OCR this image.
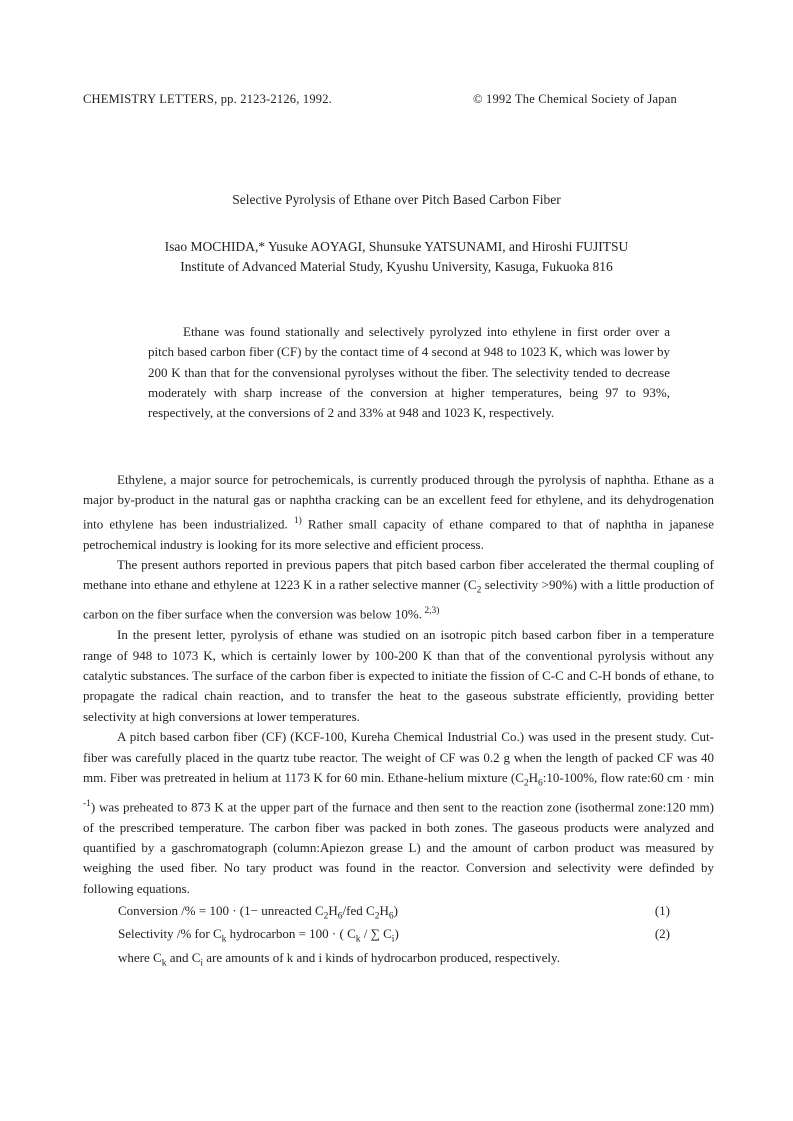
CHEMISTRY LETTERS, pp. 2123-2126, 1992.	© 1992 The Chemical Society of Japan
Selective Pyrolysis of Ethane over Pitch Based Carbon Fiber
Isao MOCHIDA,* Yusuke AOYAGI, Shunsuke YATSUNAMI, and Hiroshi FUJITSU
Institute of Advanced Material Study, Kyushu University, Kasuga, Fukuoka 816
Ethane was found stationally and selectively pyrolyzed into ethylene in first order over a pitch based carbon fiber (CF) by the contact time of 4 second at 948 to 1023 K, which was lower by 200 K than that for the convensional pyrolyses without the fiber. The selectivity tended to decrease moderately with sharp increase of the conversion at higher temperatures, being 97 to 93%, respectively, at the conversions of 2 and 33% at 948 and 1023 K, respectively.

Ethylene, a major source for petrochemicals, is currently produced through the pyrolysis of naphtha. Ethane as a major by-product in the natural gas or naphtha cracking can be an excellent feed for ethylene, and its dehydrogenation into ethylene has been industrialized. $^{1)}$ Rather small capacity of ethane compared to that of naphtha in japanese petrochemical industry is looking for its more selective and efficient process.

The present authors reported in previous papers that pitch based carbon fiber accelerated the thermal coupling of methane into ethane and ethylene at 1223 K in a rather selective manner ($C_2$ selectivity >90%) with a little production of carbon on the fiber surface when the conversion was below 10%. $^{2,3)}$

In the present letter, pyrolysis of ethane was studied on an isotropic pitch based carbon fiber in a temperature range of 948 to 1073 K, which is certainly lower by 100-200 K than that of the conventional pyrolysis without any catalytic substances. The surface of the carbon fiber is expected to initiate the fission of C-C and C-H bonds of ethane, to propagate the radical chain reaction, and to transfer the heat to the gaseous substrate efficiently, providing better selectivity at high conversions at lower temperatures.

A pitch based carbon fiber (CF) (KCF-100, Kureha Chemical Industrial Co.) was used in the present study. Cut-fiber was carefully placed in the quartz tube reactor. The weight of CF was 0.2 g when the length of packed CF was 40 mm. Fiber was pretreated in helium at 1173 K for 60 min. Ethane-helium mixture ($C_2H_6:10-100\%$, flow rate:60 cm · min $^{-1}$) was preheated to 873 K at the upper part of the furnace and then sent to the reaction zone (isothermal zone:120 mm) of the prescribed temperature. The carbon fiber was packed in both zones. The gaseous products were analyzed and quantified by a gaschromatograph (column:Apiezon grease L) and the amount of carbon product was measured by weighing the used fiber. No tary product was found in the reactor. Conversion and selectivity were definded by following equations.

Conversion /% = 100 · (1− unreacted $C_2H_6$/fed $C_2H_6$)	(1)
Selectivity /% for $C_k$ hydrocarbon = 100 · ( $C_k$ / ∑ $C_i$)	(2)
where $C_k$ and $C_i$ are amounts of k and i kinds of hydrocarbon produced, respectively.
